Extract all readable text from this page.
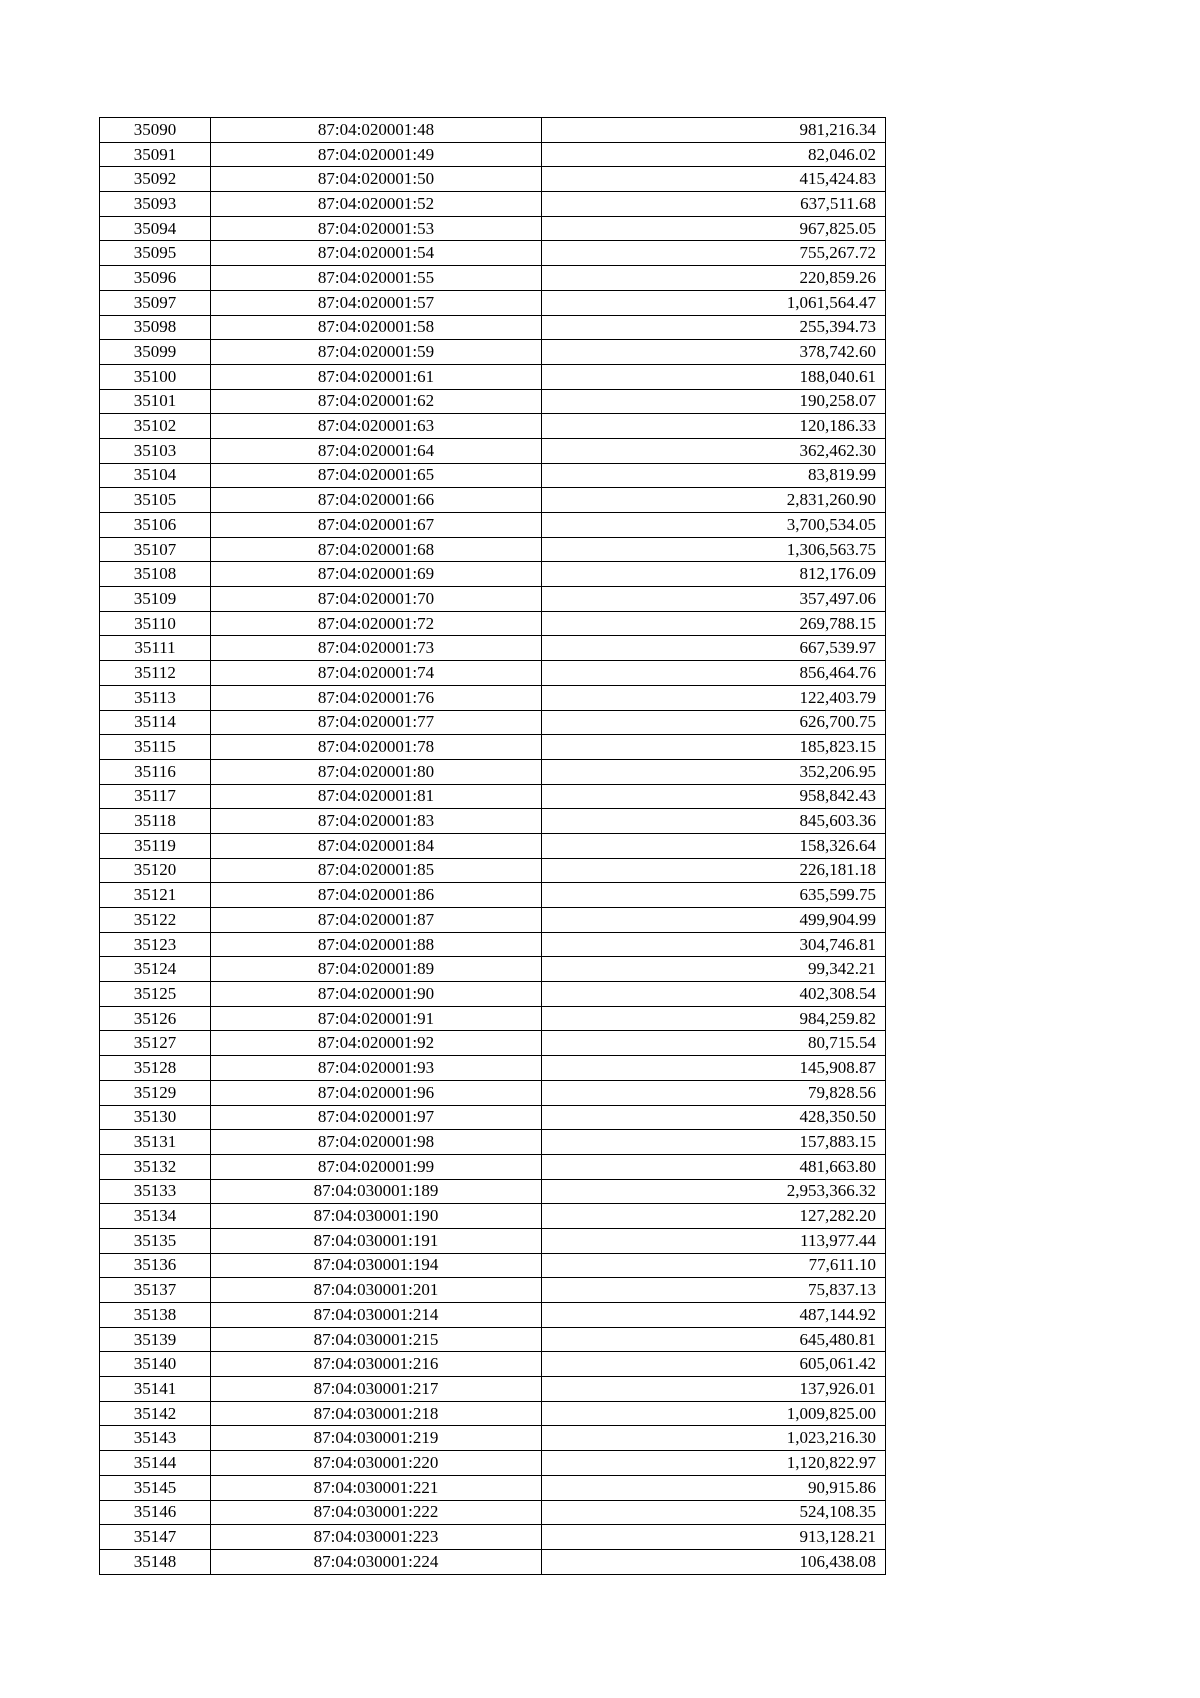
35090	87:04:020001:48	981,216.34
35091	87:04:020001:49	82,046.02
35092	87:04:020001:50	415,424.83
35093	87:04:020001:52	637,511.68
35094	87:04:020001:53	967,825.05
35095	87:04:020001:54	755,267.72
35096	87:04:020001:55	220,859.26
35097	87:04:020001:57	1,061,564.47
35098	87:04:020001:58	255,394.73
35099	87:04:020001:59	378,742.60
35100	87:04:020001:61	188,040.61
35101	87:04:020001:62	190,258.07
35102	87:04:020001:63	120,186.33
35103	87:04:020001:64	362,462.30
35104	87:04:020001:65	83,819.99
35105	87:04:020001:66	2,831,260.90
35106	87:04:020001:67	3,700,534.05
35107	87:04:020001:68	1,306,563.75
35108	87:04:020001:69	812,176.09
35109	87:04:020001:70	357,497.06
35110	87:04:020001:72	269,788.15
35111	87:04:020001:73	667,539.97
35112	87:04:020001:74	856,464.76
35113	87:04:020001:76	122,403.79
35114	87:04:020001:77	626,700.75
35115	87:04:020001:78	185,823.15
35116	87:04:020001:80	352,206.95
35117	87:04:020001:81	958,842.43
35118	87:04:020001:83	845,603.36
35119	87:04:020001:84	158,326.64
35120	87:04:020001:85	226,181.18
35121	87:04:020001:86	635,599.75
35122	87:04:020001:87	499,904.99
35123	87:04:020001:88	304,746.81
35124	87:04:020001:89	99,342.21
35125	87:04:020001:90	402,308.54
35126	87:04:020001:91	984,259.82
35127	87:04:020001:92	80,715.54
35128	87:04:020001:93	145,908.87
35129	87:04:020001:96	79,828.56
35130	87:04:020001:97	428,350.50
35131	87:04:020001:98	157,883.15
35132	87:04:020001:99	481,663.80
35133	87:04:030001:189	2,953,366.32
35134	87:04:030001:190	127,282.20
35135	87:04:030001:191	113,977.44
35136	87:04:030001:194	77,611.10
35137	87:04:030001:201	75,837.13
35138	87:04:030001:214	487,144.92
35139	87:04:030001:215	645,480.81
35140	87:04:030001:216	605,061.42
35141	87:04:030001:217	137,926.01
35142	87:04:030001:218	1,009,825.00
35143	87:04:030001:219	1,023,216.30
35144	87:04:030001:220	1,120,822.97
35145	87:04:030001:221	90,915.86
35146	87:04:030001:222	524,108.35
35147	87:04:030001:223	913,128.21
35148	87:04:030001:224	106,438.08
